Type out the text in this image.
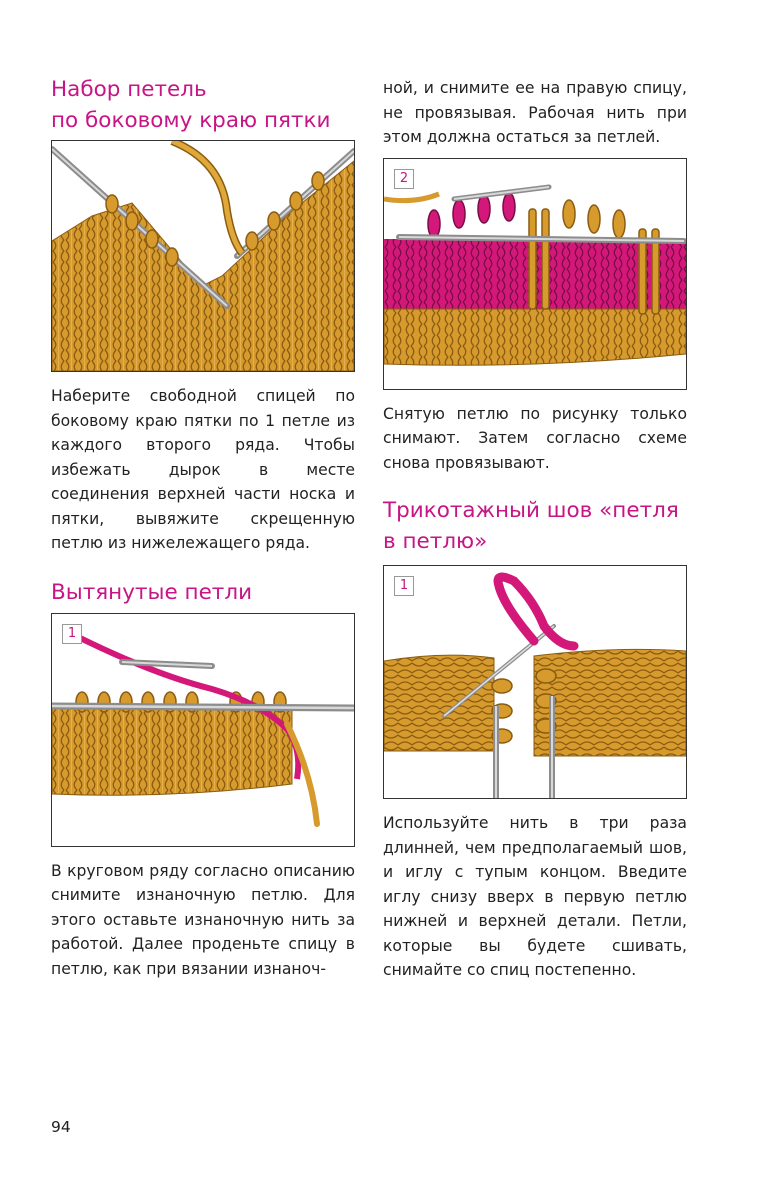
Набор петель
по боковому краю пятки

Наберите свободной спицей по боковому краю пятки по 1 петле из каждого второго ряда. Чтобы избежать дырок в месте соединения верхней части носка и пятки, вывяжите скрещенную петлю из нижележащего ряда.

Вытянутые петли
1

В круговом ряду согласно описанию снимите изнаночную петлю. Для этого оставьте изнаночную нить за работой. Далее проденьте спицу в петлю, как при вязании изнаноч-

ной, и снимите ее на правую спицу, не провязывая. Рабочая нить при этом должна остаться за петлей.

2

Снятую петлю по рисунку только снимают. Затем согласно схеме снова провязывают.

Трикотажный шов «петля
в петлю»
1

Используйте нить в три раза длинней, чем предполагаемый шов, и иглу с тупым концом. Введите иглу снизу вверх в первую петлю нижней и верхней детали. Петли, которые вы будете сшивать, снимайте со спиц постепенно.

94
